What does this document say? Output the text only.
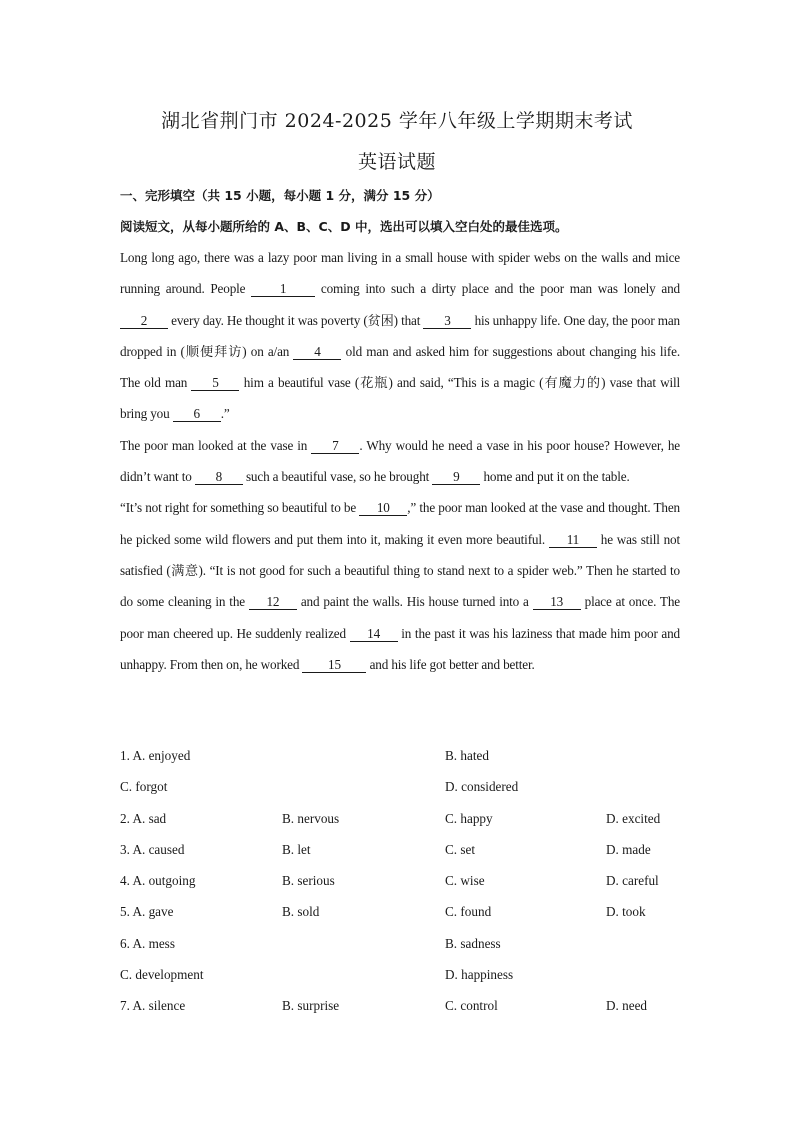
湖北省荆门市 2024-2025 学年八年级上学期期末考试
英语试题
一、完形填空（共 15 小题，每小题 1 分，满分 15 分）
阅读短文，从每小题所给的 A、B、C、D 中，选出可以填入空白处的最佳选项。

Long long ago, there was a lazy poor man living in a small house with spider webs on the walls and mice running around. People 1 coming into such a dirty place and the poor man was lonely and 2 every day. He thought it was poverty (贫困) that 3 his unhappy life. One day, the poor man dropped in (顺便拜访) on a/an 4 old man and asked him for suggestions about changing his life. The old man 5 him a beautiful vase (花瓶) and said, “This is a magic (有魔力的) vase that will bring you 6 .”

The poor man looked at the vase in 7 . Why would he need a vase in his poor house? However, he didn’t want to 8 such a beautiful vase, so he brought 9 home and put it on the table.

“It’s not right for something so beautiful to be 10 ,” the poor man looked at the vase and thought. Then he picked some wild flowers and put them into it, making it even more beautiful. 11 he was still not satisfied (满意). “It is not good for such a beautiful thing to stand next to a spider web.” Then he started to do some cleaning in the 12 and paint the walls. His house turned into a 13 place at once. The poor man cheered up. He suddenly realized 14 in the past it was his laziness that made him poor and unhappy. From then on, he worked 15 and his life got better and better.

1. A. enjoyed	B. hated
C. forgot	D. considered
2. A. sad	B. nervous	C. happy	D. excited
3. A. caused	B. let	C. set	D. made
4. A. outgoing	B. serious	C. wise	D. careful
5. A. gave	B. sold	C. found	D. took
6. A. mess	B. sadness
C. development	D. happiness
7. A. silence	B. surprise	C. control	D. need
